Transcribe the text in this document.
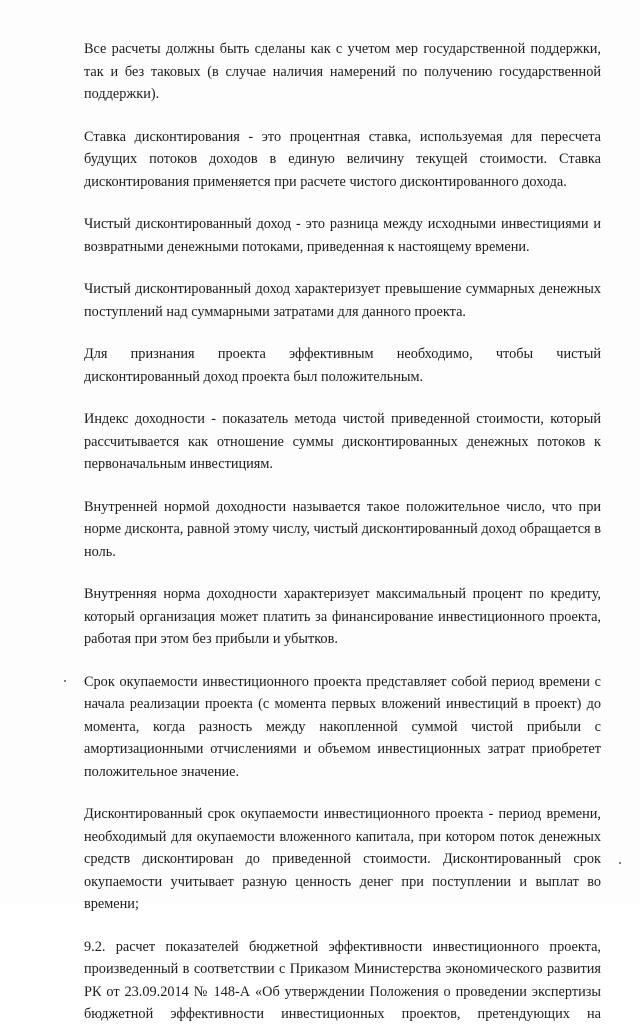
Все расчеты должны быть сделаны как с учетом мер государственной поддержки, так и без таковых (в случае наличия намерений по получению государственной поддержки).

Ставка дисконтирования - это процентная ставка, используемая для пересчета будущих потоков доходов в единую величину текущей стоимости. Ставка дисконтирования применяется при расчете чистого дисконтированного дохода.

Чистый дисконтированный доход - это разница между исходными инвестициями и возвратными денежными потоками, приведенная к настоящему времени.

Чистый дисконтированный доход характеризует превышение суммарных денежных поступлений над суммарными затратами для данного проекта.

Для признания проекта эффективным необходимо, чтобы чистый дисконтированный доход проекта был положительным.

Индекс доходности - показатель метода чистой приведенной стоимости, который рассчитывается как отношение суммы дисконтированных денежных потоков к первоначальным инвестициям.

Внутренней нормой доходности называется такое положительное число, что при норме дисконта, равной этому числу, чистый дисконтированный доход обращается в ноль.

Внутренняя норма доходности характеризует максимальный процент по кредиту, который организация может платить за финансирование инвестиционного проекта, работая при этом без прибыли и убытков.

Срок окупаемости инвестиционного проекта представляет собой период времени с начала реализации проекта (с момента первых вложений инвестиций в проект) до момента, когда разность между накопленной суммой чистой прибыли с амортизационными отчислениями и объемом инвестиционных затрат приобретет положительное значение.

Дисконтированный срок окупаемости инвестиционного проекта - период времени, необходимый для окупаемости вложенного капитала, при котором поток денежных средств дисконтирован до приведенной стоимости. Дисконтированный срок окупаемости учитывает разную ценность денег при поступлении и выплат во времени;

9.2. расчет показателей бюджетной эффективности инвестиционного проекта, произведенный в соответствии с Приказом Министерства экономического развития РК от 23.09.2014 № 148-А «Об утверждении Положения о проведении экспертизы бюджетной эффективности инвестиционных проектов, претендующих на
